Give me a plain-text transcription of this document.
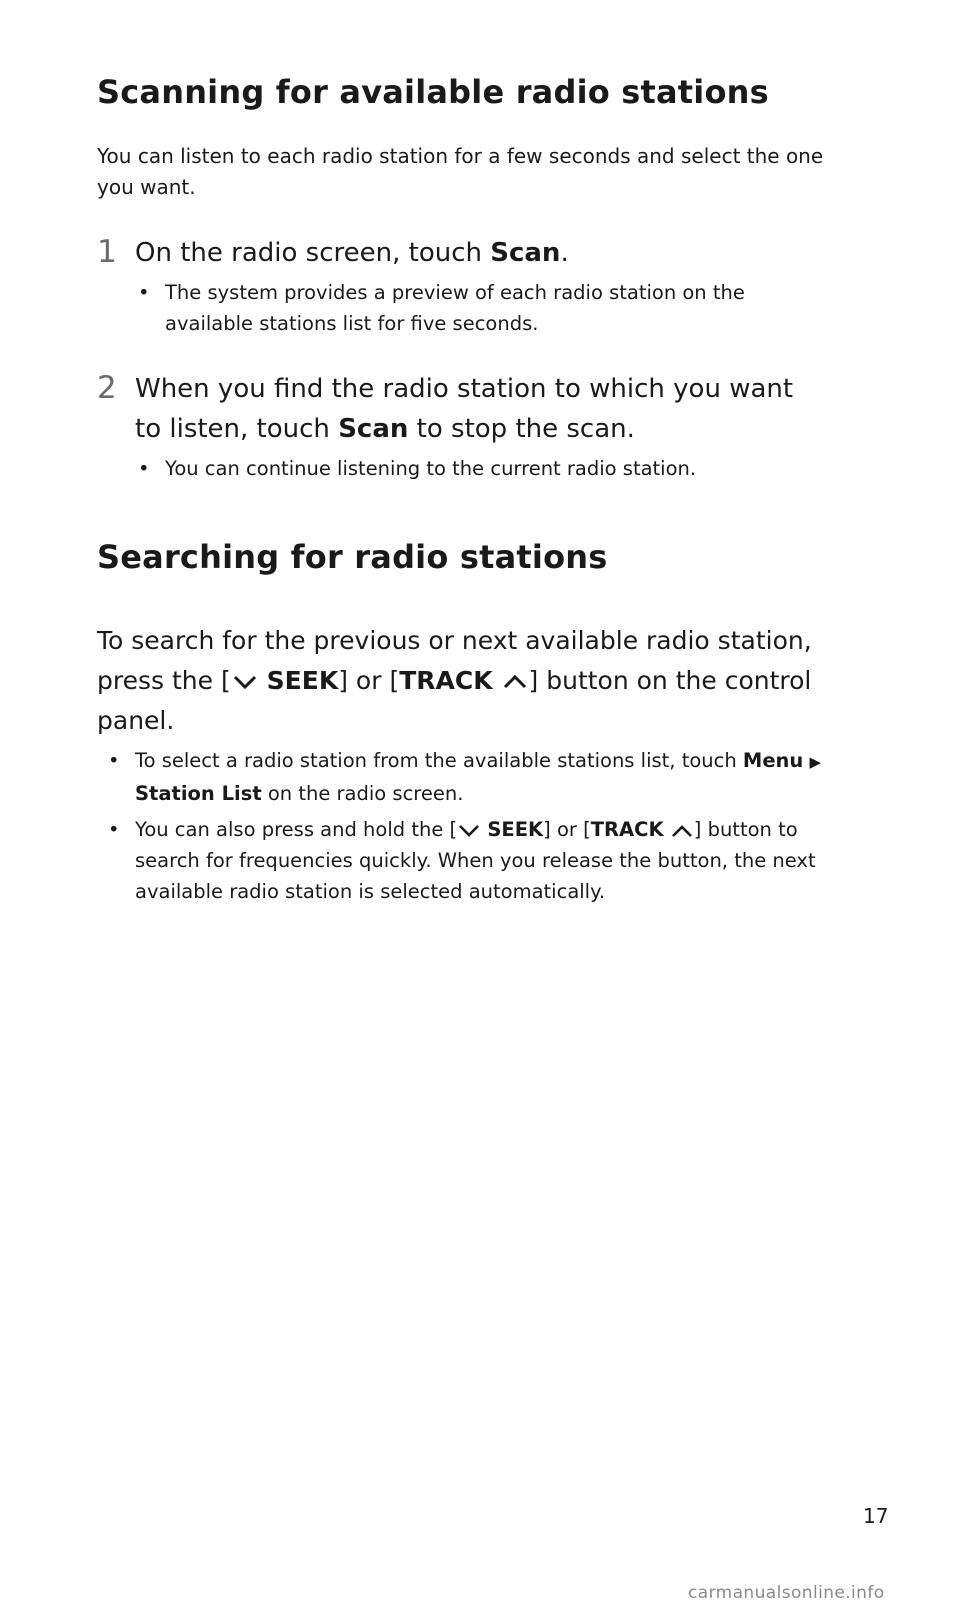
Scanning for available radio stations
You can listen to each radio station for a few seconds and select the one you want.
1 On the radio screen, touch Scan.
• The system provides a preview of each radio station on the available stations list for five seconds.
2 When you find the radio station to which you want to listen, touch Scan to stop the scan.
• You can continue listening to the current radio station.
Searching for radio stations
To search for the previous or next available radio station, press the [ SEEK] or [TRACK ] button on the control panel.
• To select a radio station from the available stations list, touch Menu ▶ Station List on the radio screen.
• You can also press and hold the [ SEEK] or [TRACK ] button to search for frequencies quickly. When you release the button, the next available radio station is selected automatically.
17
carmanualsonline.info
